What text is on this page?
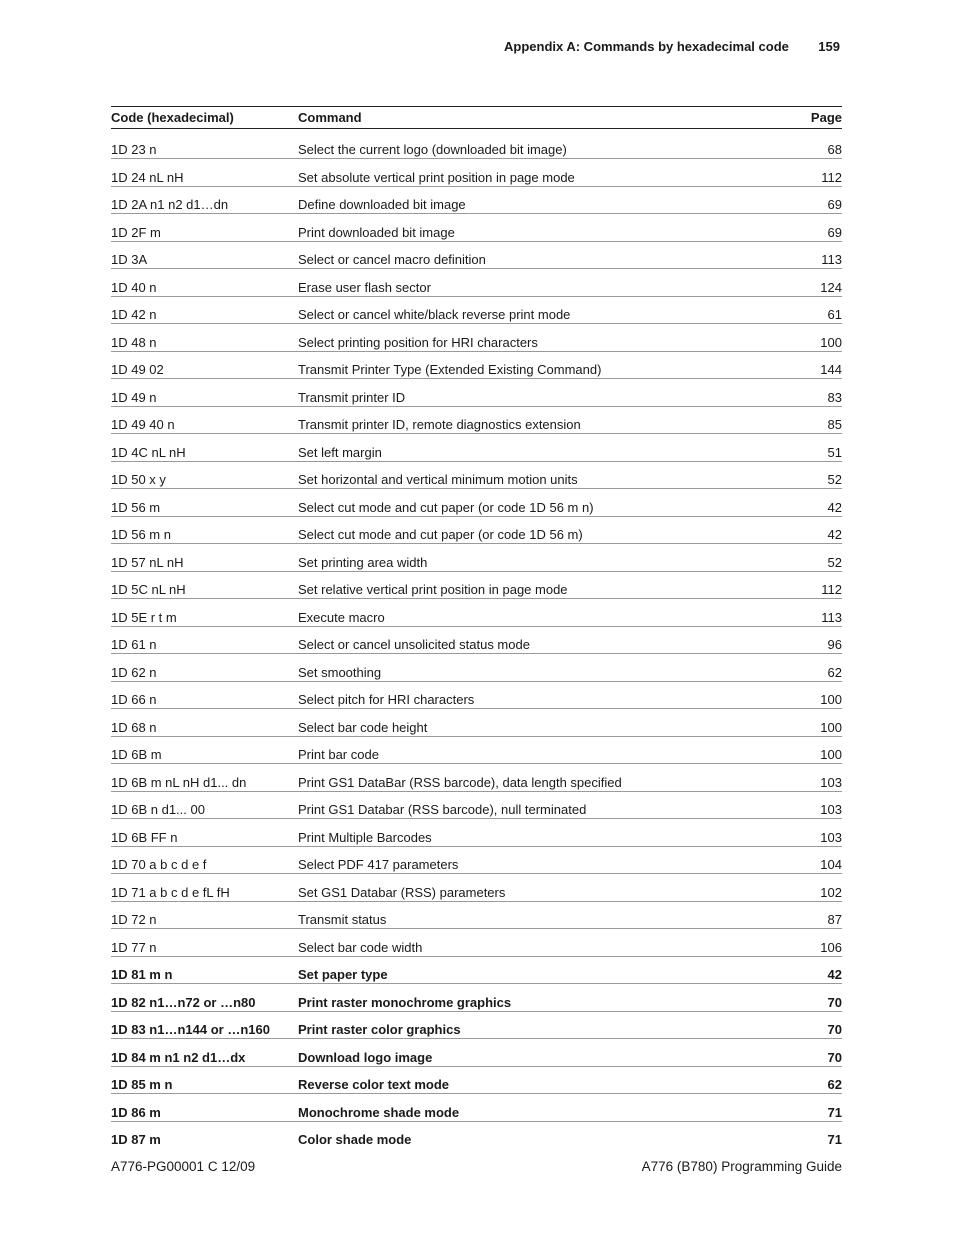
Appendix A: Commands by hexadecimal code 159
Code (hexadecimal)	Command	Page
1D 23 n	Select the current logo (downloaded bit image)	68
1D 24 nL nH	Set absolute vertical print position in page mode	112
1D 2A n1 n2 d1…dn	Define downloaded bit image	69
1D 2F m	Print downloaded bit image	69
1D 3A	Select or cancel macro definition	113
1D 40 n	Erase user flash sector	124
1D 42 n	Select or cancel white/black reverse print mode	61
1D 48 n	Select printing position for HRI characters	100
1D 49 02	Transmit Printer Type (Extended Existing Command)	144
1D 49 n	Transmit printer ID	83
1D 49 40 n	Transmit printer ID, remote diagnostics extension	85
1D 4C nL nH	Set left margin	51
1D 50 x y	Set horizontal and vertical minimum motion units	52
1D 56 m	Select cut mode and cut paper (or code 1D 56 m n)	42
1D 56 m n	Select cut mode and cut paper (or code 1D 56 m)	42
1D 57 nL nH	Set printing area width	52
1D 5C nL nH	Set relative vertical print position in page mode	112
1D 5E r t m	Execute macro	113
1D 61 n	Select or cancel unsolicited status mode	96
1D 62 n	Set smoothing	62
1D 66 n	Select pitch for HRI characters	100
1D 68 n	Select bar code height	100
1D 6B m	Print bar code	100
1D 6B m nL nH d1... dn	Print GS1 DataBar (RSS barcode), data length specified	103
1D 6B n d1... 00	Print GS1 Databar (RSS barcode), null terminated	103
1D 6B FF n	Print Multiple Barcodes	103
1D 70 a b c d e f	Select PDF 417 parameters	104
1D 71 a b c d e fL fH	Set GS1 Databar (RSS) parameters	102
1D 72 n	Transmit status	87
1D 77 n	Select bar code width	106
1D 81 m n	Set paper type	42
1D 82 n1…n72 or …n80	Print raster monochrome graphics	70
1D 83 n1…n144 or …n160	Print raster color graphics	70
1D 84 m n1 n2 d1…dx	Download logo image	70
1D 85 m n	Reverse color text mode	62
1D 86 m	Monochrome shade mode	71
1D 87 m	Color shade mode	71
A776-PG00001 C 12/09	A776 (B780) Programming Guide
